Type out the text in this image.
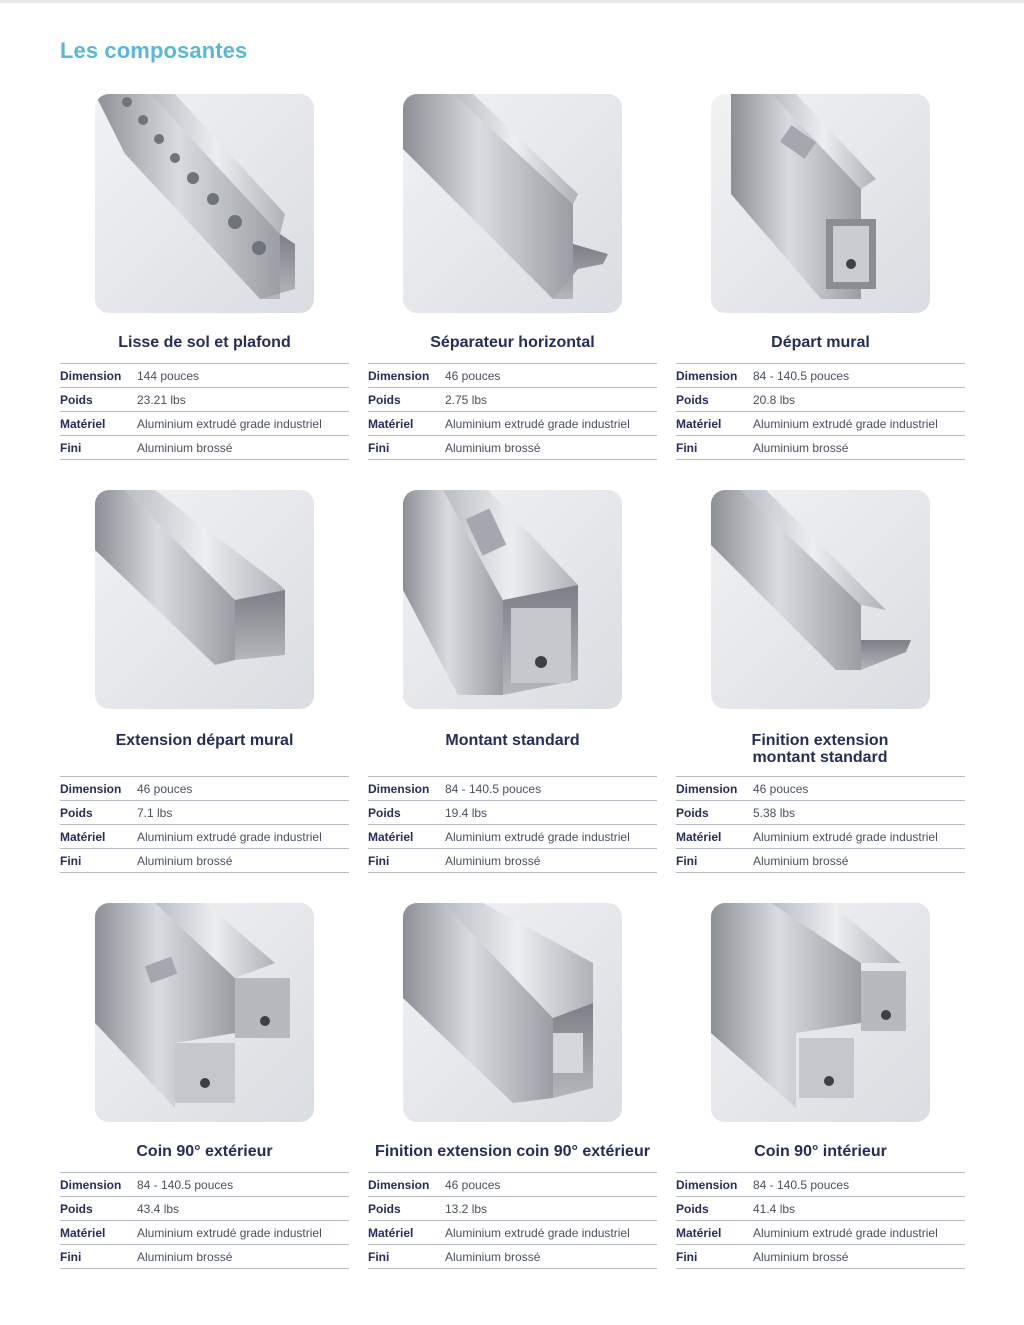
Les composantes
Lisse de sol et plafond
Dimension	144 pouces
Poids	23.21 lbs
Matériel	Aluminium extrudé grade industriel
Fini	Aluminium brossé
Séparateur horizontal
Dimension	46 pouces
Poids	2.75 lbs
Matériel	Aluminium extrudé grade industriel
Fini	Aluminium brossé
Départ mural
Dimension	84 - 140.5 pouces
Poids	20.8 lbs
Matériel	Aluminium extrudé grade industriel
Fini	Aluminium brossé
Extension départ mural
Dimension	46 pouces
Poids	7.1 lbs
Matériel	Aluminium extrudé grade industriel
Fini	Aluminium brossé
Montant standard
Dimension	84 - 140.5 pouces
Poids	19.4 lbs
Matériel	Aluminium extrudé grade industriel
Fini	Aluminium brossé
Finition extension montant standard
Dimension	46 pouces
Poids	5.38 lbs
Matériel	Aluminium extrudé grade industriel
Fini	Aluminium brossé
Coin 90° extérieur
Dimension	84 - 140.5 pouces
Poids	43.4 lbs
Matériel	Aluminium extrudé grade industriel
Fini	Aluminium brossé
Finition extension coin 90° extérieur
Dimension	46 pouces
Poids	13.2 lbs
Matériel	Aluminium extrudé grade industriel
Fini	Aluminium brossé
Coin 90° intérieur
Dimension	84 - 140.5 pouces
Poids	41.4 lbs
Matériel	Aluminium extrudé grade industriel
Fini	Aluminium brossé
